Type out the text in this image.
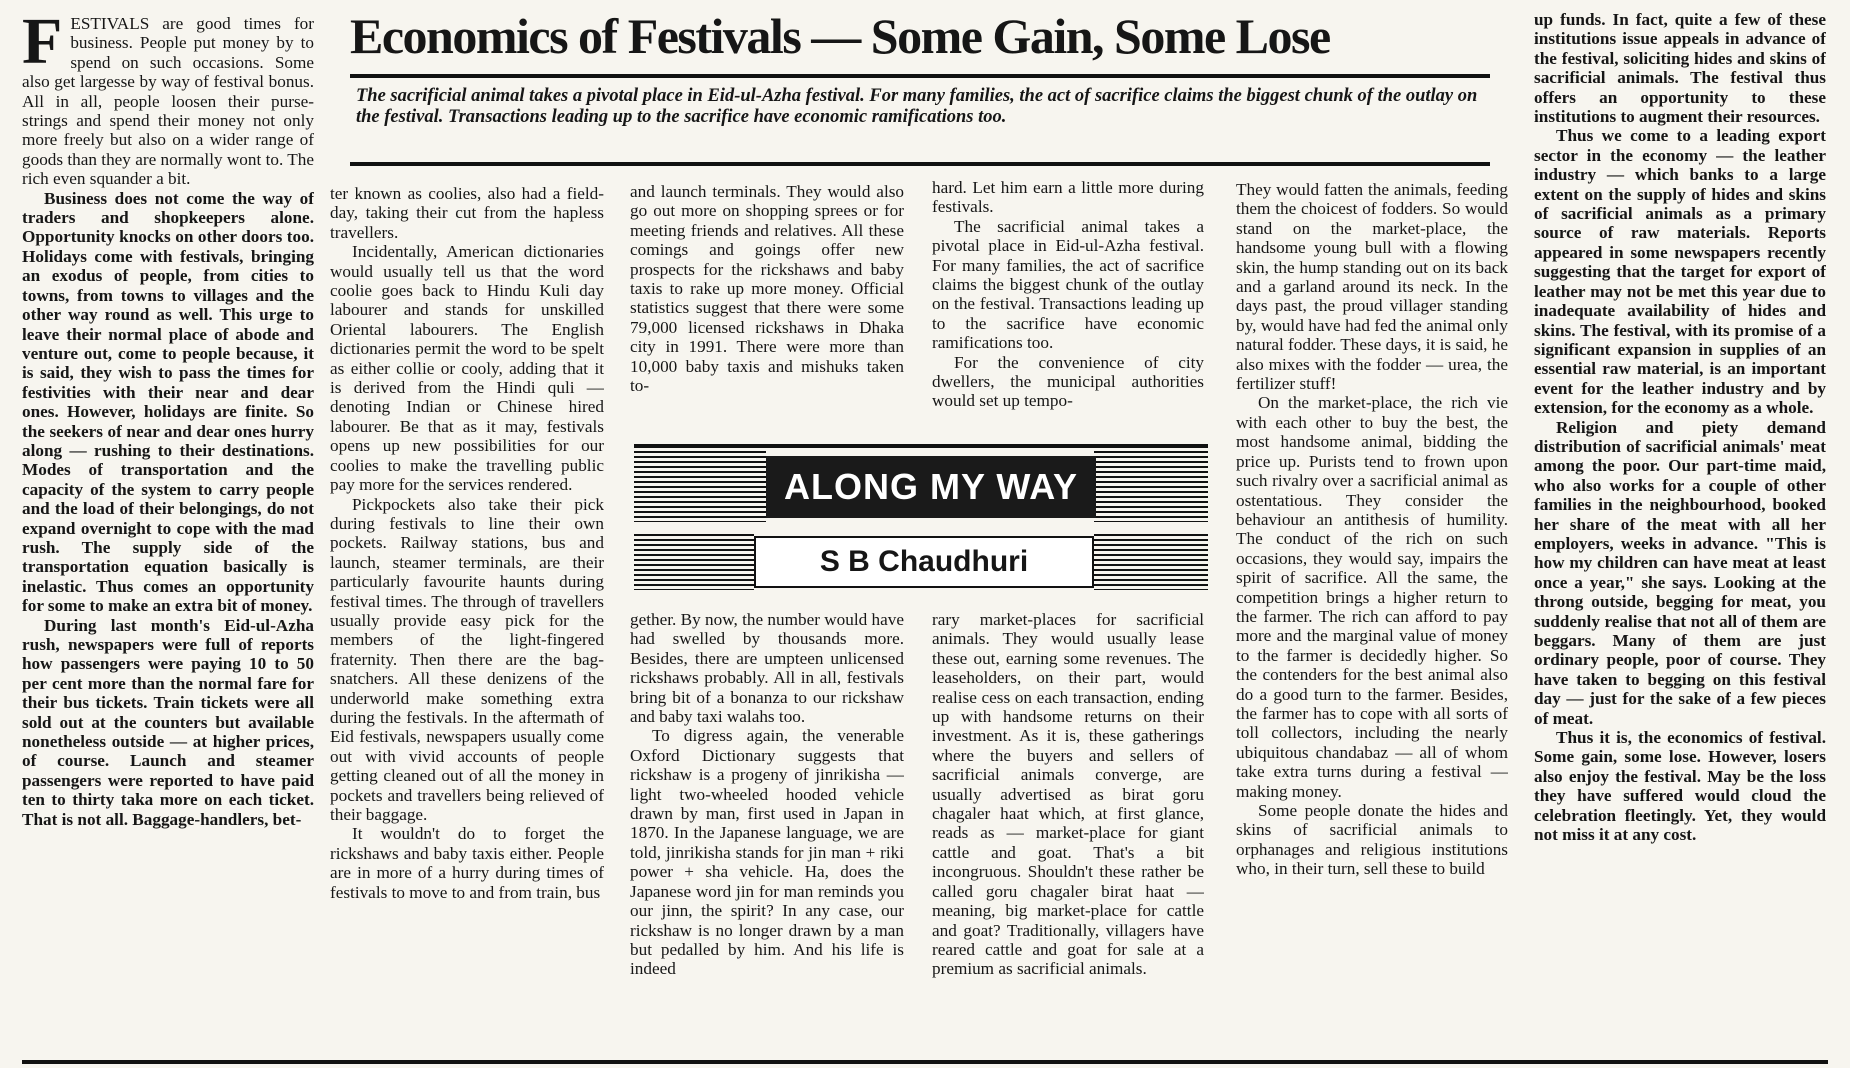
Economics of Festivals — Some Gain, Some Lose
The sacrificial animal takes a pivotal place in Eid-ul-Azha festival. For many families, the act of sacrifice claims the biggest chunk of the outlay on the festival. Transactions leading up to the sacrifice have economic ramifications too.
F ESTIVALS are good times for business. People put money by to spend on such occasions. Some also get largesse by way of festival bonus. All in all, people loosen their purse-strings and spend their money not only more freely but also on a wider range of goods than they are normally wont to. The rich even squander a bit.

Business does not come the way of traders and shopkeepers alone. Opportunity knocks on other doors too. Holidays come with festivals, bringing an exodus of people, from cities to towns, from towns to villages and the other way round as well. This urge to leave their normal place of abode and venture out, come to people because, it is said, they wish to pass the times for festivities with their near and dear ones. However, holidays are finite. So the seekers of near and dear ones hurry along — rushing to their destinations. Modes of transportation and the capacity of the system to carry people and the load of their belongings, do not expand overnight to cope with the mad rush. The supply side of the transportation equation basically is inelastic. Thus comes an opportunity for some to make an extra bit of money.

During last month's Eid-ul-Azha rush, newspapers were full of reports how passengers were paying 10 to 50 per cent more than the normal fare for their bus tickets. Train tickets were all sold out at the counters but available nonetheless outside — at higher prices, of course. Launch and steamer passengers were reported to have paid ten to thirty taka more on each ticket. That is not all. Baggage-handlers, bet-

ter known as coolies, also had a field-day, taking their cut from the hapless travellers.

Incidentally, American dictionaries would usually tell us that the word coolie goes back to Hindu Kuli day labourer and stands for unskilled Oriental labourers. The English dictionaries permit the word to be spelt as either collie or cooly, adding that it is derived from the Hindi quli — denoting Indian or Chinese hired labourer. Be that as it may, festivals opens up new possibilities for our coolies to make the travelling public pay more for the services rendered.

Pickpockets also take their pick during festivals to line their own pockets. Railway stations, bus and launch, steamer terminals, are their particularly favourite haunts during festival times. The through of travellers usually provide easy pick for the members of the light-fingered fraternity. Then there are the bag-snatchers. All these denizens of the underworld make something extra during the festivals. In the aftermath of Eid festivals, newspapers usually come out with vivid accounts of people getting cleaned out of all the money in pockets and travellers being relieved of their baggage.

It wouldn't do to forget the rickshaws and baby taxis either. People are in more of a hurry during times of festivals to move to and from train, bus

and launch terminals. They would also go out more on shopping sprees or for meeting friends and relatives. All these comings and goings offer new prospects for the rickshaws and baby taxis to rake up more money. Official statistics suggest that there were some 79,000 licensed rickshaws in Dhaka city in 1991. There were more than 10,000 baby taxis and mishuks taken to-

hard. Let him earn a little more during festivals.

The sacrificial animal takes a pivotal place in Eid-ul-Azha festival. For many families, the act of sacrifice claims the biggest chunk of the outlay on the festival. Transactions leading up to the sacrifice have economic ramifications too.

For the convenience of city dwellers, the municipal authorities would set up tempo-

ALONG MY WAY
S B Chaudhuri

gether. By now, the number would have had swelled by thousands more. Besides, there are umpteen unlicensed rickshaws probably. All in all, festivals bring bit of a bonanza to our rickshaw and baby taxi walahs too.

To digress again, the venerable Oxford Dictionary suggests that rickshaw is a progeny of jinrikisha — light two-wheeled hooded vehicle drawn by man, first used in Japan in 1870. In the Japanese language, we are told, jinrikisha stands for jin man + riki power + sha vehicle. Ha, does the Japanese word jin for man reminds you our jinn, the spirit? In any case, our rickshaw is no longer drawn by a man but pedalled by him. And his life is indeed

rary market-places for sacrificial animals. They would usually lease these out, earning some revenues. The leaseholders, on their part, would realise cess on each transaction, ending up with handsome returns on their investment. As it is, these gatherings where the buyers and sellers of sacrificial animals converge, are usually advertised as birat goru chagaler haat which, at first glance, reads as — market-place for giant cattle and goat. That's a bit incongruous. Shouldn't these rather be called goru chagaler birat haat — meaning, big market-place for cattle and goat? Traditionally, villagers have reared cattle and goat for sale at a premium as sacrificial animals.

They would fatten the animals, feeding them the choicest of fodders. So would stand on the market-place, the handsome young bull with a flowing skin, the hump standing out on its back and a garland around its neck. In the days past, the proud villager standing by, would have had fed the animal only natural fodder. These days, it is said, he also mixes with the fodder — urea, the fertilizer stuff!

On the market-place, the rich vie with each other to buy the best, the most handsome animal, bidding the price up. Purists tend to frown upon such rivalry over a sacrificial animal as ostentatious. They consider the behaviour an antithesis of humility. The conduct of the rich on such occasions, they would say, impairs the spirit of sacrifice. All the same, the competition brings a higher return to the farmer. The rich can afford to pay more and the marginal value of money to the farmer is decidedly higher. So the contenders for the best animal also do a good turn to the farmer. Besides, the farmer has to cope with all sorts of toll collectors, including the nearly ubiquitous chandabaz — all of whom take extra turns during a festival — making money.

Some people donate the hides and skins of sacrificial animals to orphanages and religious institutions who, in their turn, sell these to build

up funds. In fact, quite a few of these institutions issue appeals in advance of the festival, soliciting hides and skins of sacrificial animals. The festival thus offers an opportunity to these institutions to augment their resources.

Thus we come to a leading export sector in the economy — the leather industry — which banks to a large extent on the supply of hides and skins of sacrificial animals as a primary source of raw materials. Reports appeared in some newspapers recently suggesting that the target for export of leather may not be met this year due to inadequate availability of hides and skins. The festival, with its promise of a significant expansion in supplies of an essential raw material, is an important event for the leather industry and by extension, for the economy as a whole.

Religion and piety demand distribution of sacrificial animals' meat among the poor. Our part-time maid, who also works for a couple of other families in the neighbourhood, booked her share of the meat with all her employers, weeks in advance. "This is how my children can have meat at least once a year," she says. Looking at the throng outside, begging for meat, you suddenly realise that not all of them are beggars. Many of them are just ordinary people, poor of course. They have taken to begging on this festival day — just for the sake of a few pieces of meat.

Thus it is, the economics of festival. Some gain, some lose. However, losers also enjoy the festival. May be the loss they have suffered would cloud the celebration fleetingly. Yet, they would not miss it at any cost.
